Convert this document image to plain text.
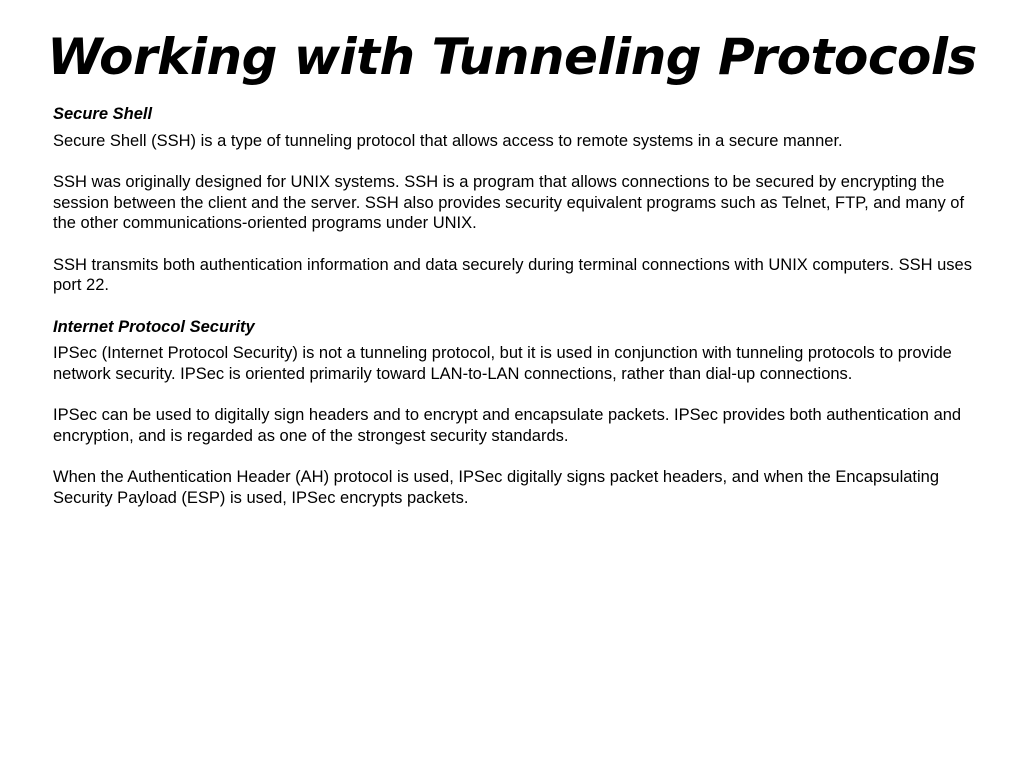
Working with Tunneling Protocols
Secure Shell
Secure Shell (SSH) is a type of tunneling protocol that allows access to remote systems in a secure manner.
SSH was originally designed for UNIX systems. SSH is a program that allows connections to be secured by encrypting the session between the client and the server. SSH also provides security equivalent programs such as Telnet, FTP, and many of the other communications-oriented programs under UNIX.
SSH transmits both authentication information and data securely during terminal connections with UNIX computers. SSH uses port 22.
Internet Protocol Security
IPSec (Internet Protocol Security) is not a tunneling protocol, but it is used in conjunction with tunneling protocols to provide network security. IPSec is oriented primarily toward LAN-to-LAN connections, rather than dial-up connections.
IPSec can be used to digitally sign headers and to encrypt and encapsulate packets. IPSec provides both authentication and encryption, and is regarded as one of the strongest security standards.
When the Authentication Header (AH) protocol is used, IPSec digitally signs packet headers, and when the Encapsulating Security Payload (ESP) is used, IPSec encrypts packets.
